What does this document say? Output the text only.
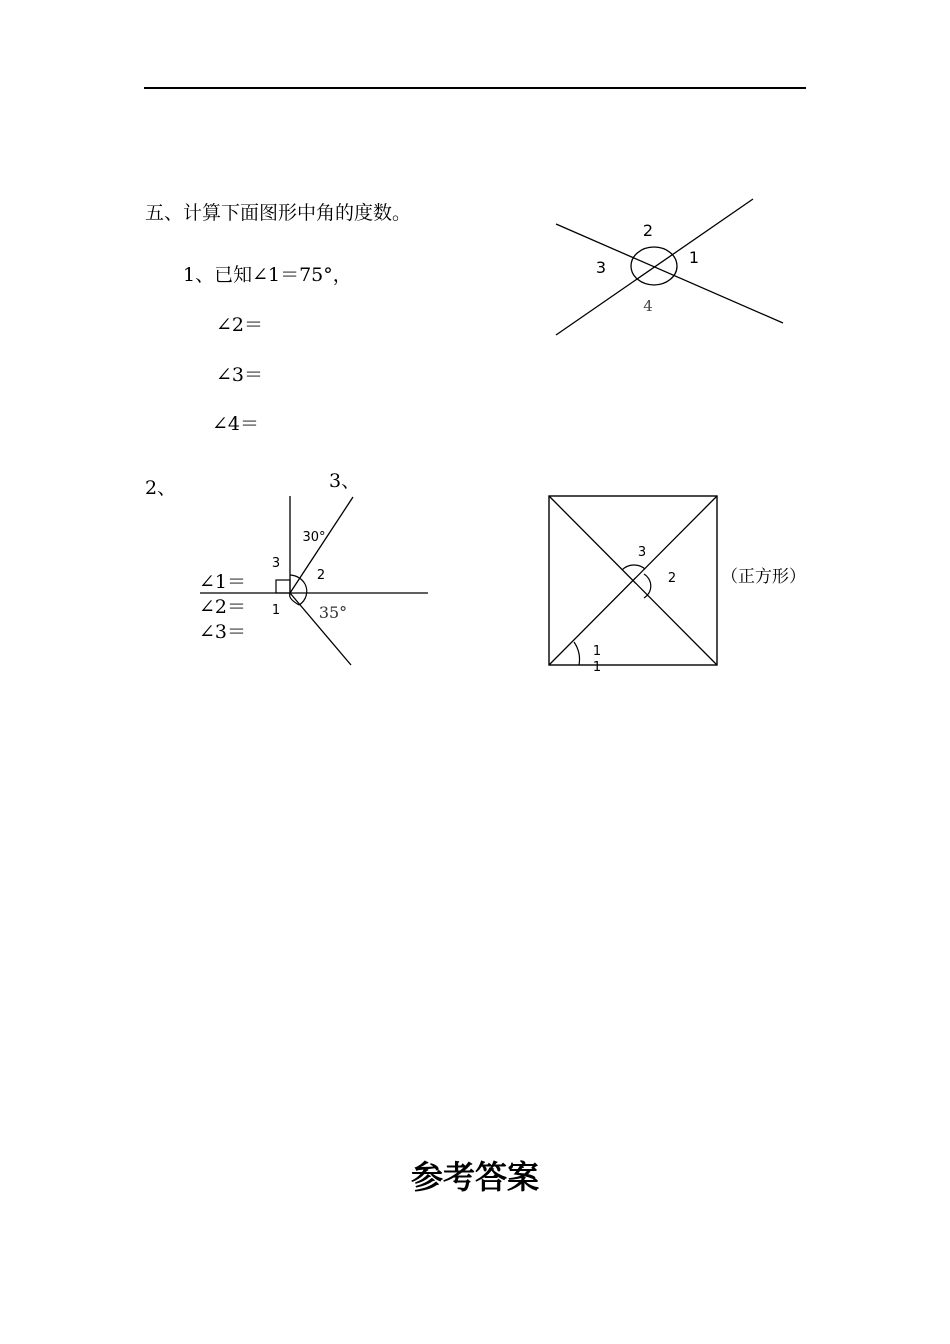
五、计算下面图形中角的度数。
1、已知∠1＝75°，
∠2＝
∠3＝
∠4＝
2
1
3
4
2、	3、
30°
3
2
1 35°
∠1＝
∠2＝
∠3＝
3
2
1
1
（正方形）
参考答案
